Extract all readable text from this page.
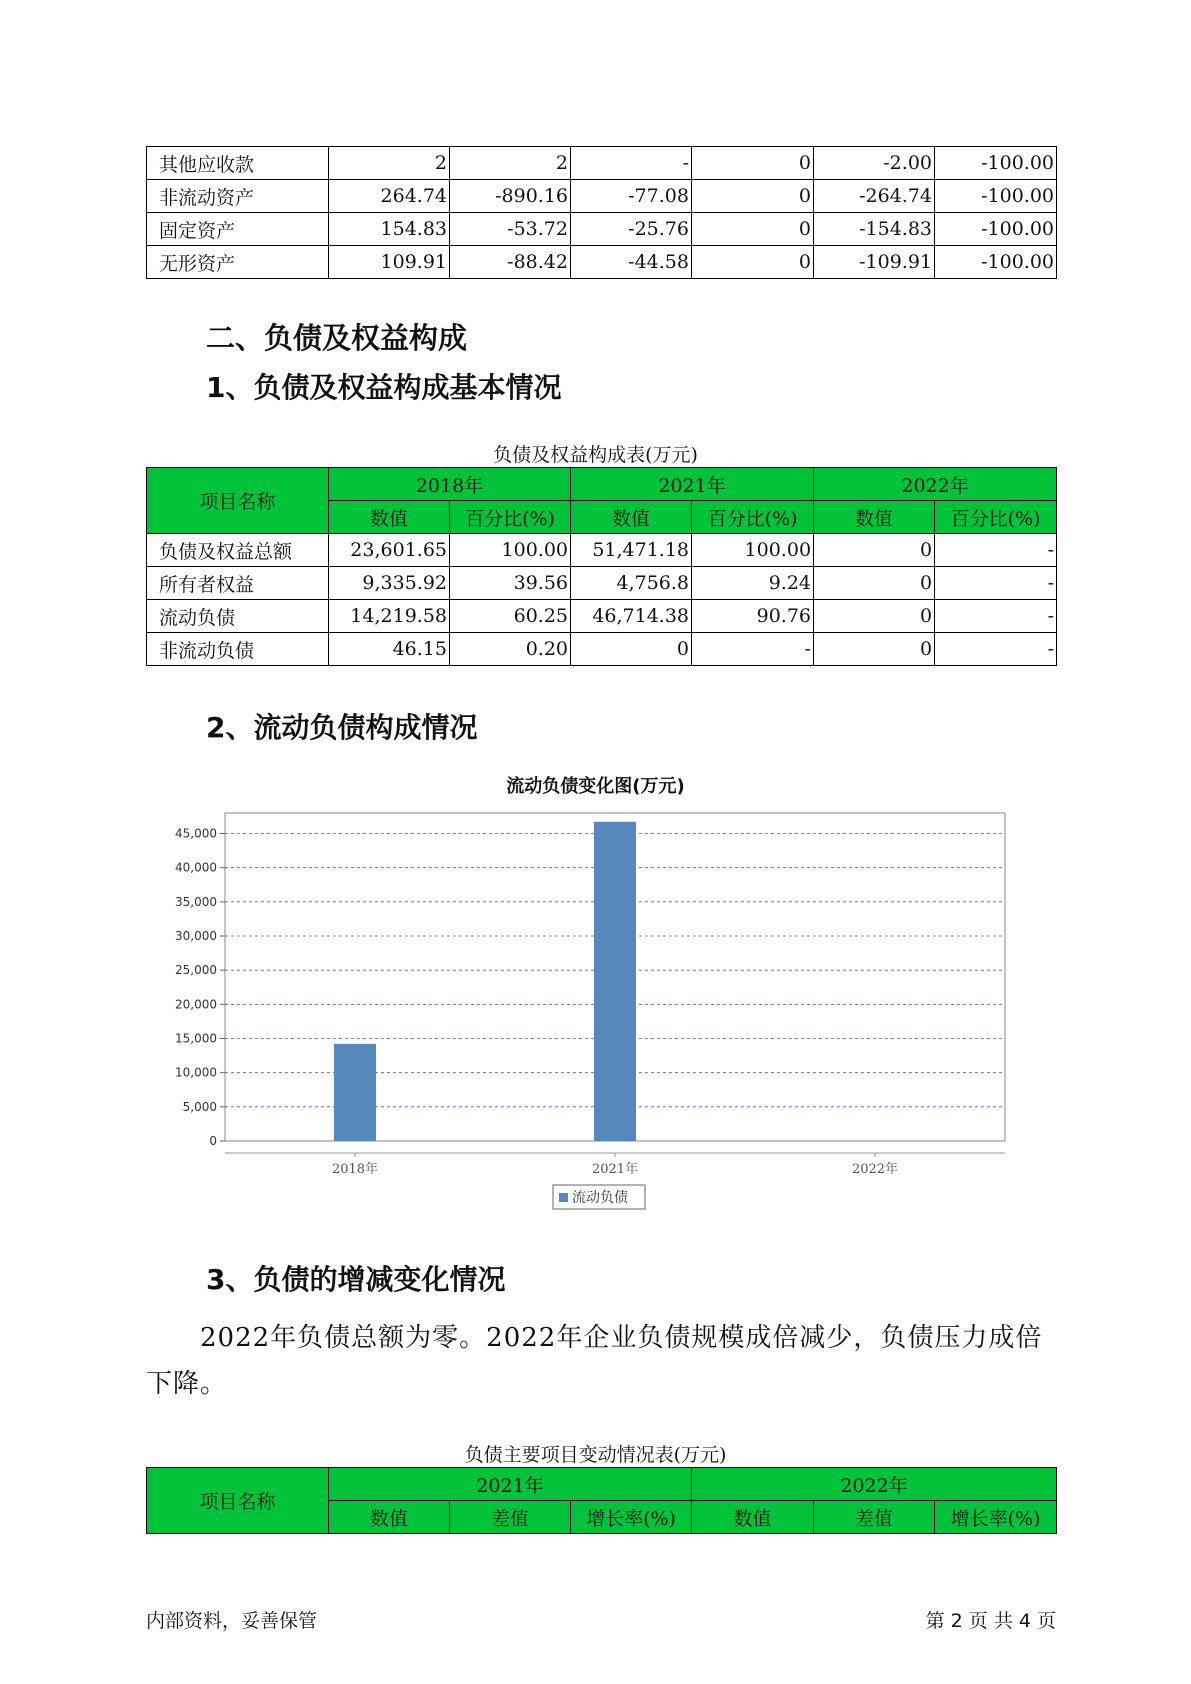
其他应收款	2	2	-	0	-2.00	-100.00
非流动资产	264.74	-890.16	-77.08	0	-264.74	-100.00
固定资产	154.83	-53.72	-25.76	0	-154.83	-100.00
无形资产	109.91	-88.42	-44.58	0	-109.91	-100.00
二、负债及权益构成
1、负债及权益构成基本情况
负债及权益构成表(万元)
项目名称	2018年		2021年		2022年	
	数值	百分比(%)	数值	百分比(%)	数值	百分比(%)
负债及权益总额	23,601.65	100.00	51,471.18	100.00	0	-
所有者权益	9,335.92	39.56	4,756.8	9.24	0	-
流动负债	14,219.58	60.25	46,714.38	90.76	0	-
非流动负债	46.15	0.20	0	-	0	-
2、流动负债构成情况
流动负债变化图(万元)
0
5,000
10,000
15,000
20,000
25,000
30,000
35,000
40,000
45,000
2018年	2021年	2022年
流动负债
3、负债的增减变化情况
2022年负债总额为零。2022年企业负债规模成倍减少，负债压力成倍下降。
负债主要项目变动情况表(万元)
项目名称	2021年			2022年		
	数值	差值	增长率(%)	数值	差值	增长率(%)
内部资料，妥善保管	第 2 页 共 4 页
